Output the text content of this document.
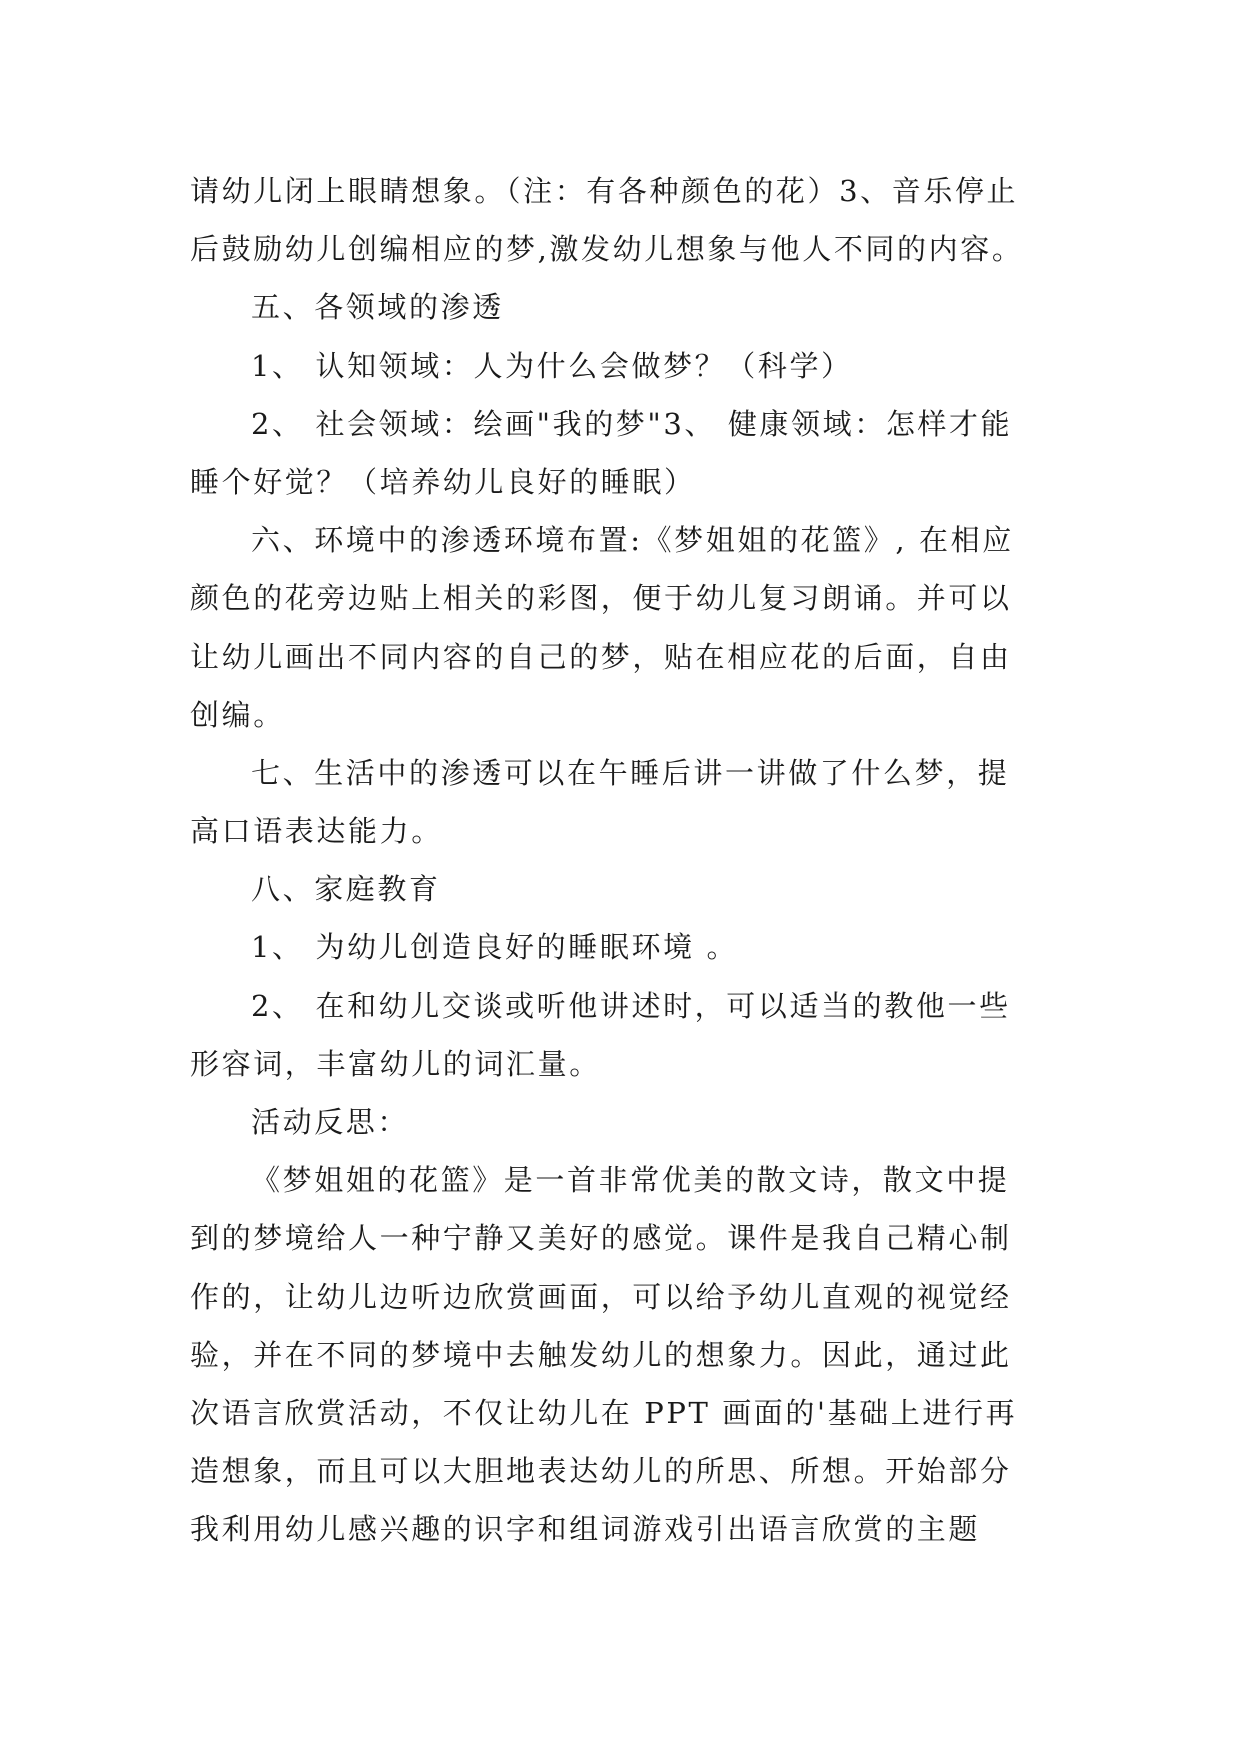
请幼儿闭上眼睛想象。（注：有各种颜色的花）3、音乐停止
后鼓励幼儿创编相应的梦,激发幼儿想象与他人不同的内容。
五、各领域的渗透
1、 认知领域：人为什么会做梦？（科学）
2、 社会领域：绘画"我的梦"3、 健康领域：怎样才能
睡个好觉？（培养幼儿良好的睡眠）
六、环境中的渗透环境布置:《梦姐姐的花篮》, 在相应
颜色的花旁边贴上相关的彩图，便于幼儿复习朗诵。并可以
让幼儿画出不同内容的自己的梦，贴在相应花的后面，自由
创编。
七、生活中的渗透可以在午睡后讲一讲做了什么梦，提
高口语表达能力。
八、家庭教育
1、 为幼儿创造良好的睡眠环境 。
2、 在和幼儿交谈或听他讲述时，可以适当的教他一些
形容词，丰富幼儿的词汇量。
活动反思：
《梦姐姐的花篮》是一首非常优美的散文诗，散文中提
到的梦境给人一种宁静又美好的感觉。课件是我自己精心制
作的，让幼儿边听边欣赏画面，可以给予幼儿直观的视觉经
验，并在不同的梦境中去触发幼儿的想象力。因此，通过此
次语言欣赏活动，不仅让幼儿在 PPT 画面的'基础上进行再
造想象，而且可以大胆地表达幼儿的所思、所想。开始部分
我利用幼儿感兴趣的识字和组词游戏引出语言欣赏的主题
